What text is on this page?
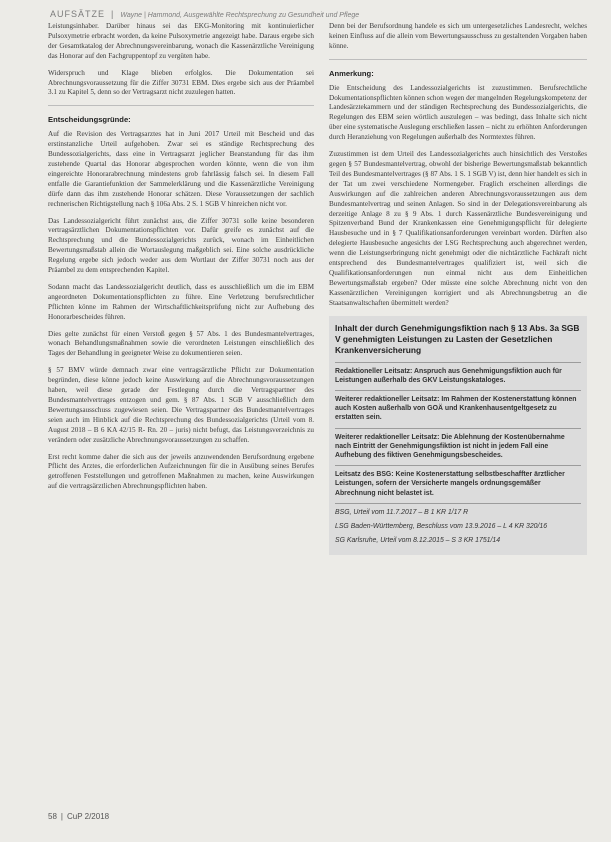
AUFSÄTZE | Wayne | Hammond, Ausgewählte Rechtsprechung zu Gesundheit und Pflege

Leistungsinhaber. Darüber hinaus sei das EKG-Monitoring mit kontinuierlicher Pulsoxymetrie erbracht worden, da keine Pulsoxymetrie angezeigt habe. Daraus ergebe sich der Gesamtkatalog der Abrechnungsvereinbarung, wonach die Kassenärztliche Vereinigung das Honorar auf den Fachgruppentopf zu vergüten habe.

Widerspruch und Klage blieben erfolglos. Die Dokumentation sei Abrechnungsvoraussetzung für die Ziffer 30731 EBM. Dies ergebe sich aus der Präambel 3.1 zu Kapitel 5, denn so der Vertragsarzt nicht zuzulegen hatten.

Entscheidungsgründe:

Auf die Revision des Vertragsarztes hat in Juni 2017 Urteil mit Bescheid und das erstinstanzliche Urteil aufgehoben. Zwar sei es ständige Rechtsprechung des Bundessozialgerichts, dass eine in Vertragsarzt jeglicher Beanstandung für das ihm zustehende Quartal das Honorar abgesprochen worden könnte, wenn die von ihm eingereichte Honorarabrechnung mindestens grob fahrlässig falsch sei. In diesem Fall entfalle die Garantiefunktion der Sammelerklärung und die Kassenärztliche Vereinigung dürfe dann das ihm zustehende Honorar schätzen. Diese Voraussetzungen der sachlich rechnerischen Richtigstellung nach § 106a Abs. 2 S. 1 SGB V hinreichen nicht vor.

Das Landessozialgericht führt zunächst aus, die Ziffer 30731 solle keine besonderen vertragsärztlichen Dokumentationspflichten vor. Dafür greife es zunächst auf die Rechtsprechung und die Bundessozialgerichts zurück, wonach im Einheitlichen Bewertungsmaßstab allein die Wortauslegung maßgeblich sei. Eine solche ausdrückliche Regelung ergebe sich jedoch weder aus dem Wortlaut der Ziffer 30731 noch aus der Präambel zu dem entsprechenden Kapitel.

Sodann macht das Landessozialgericht deutlich, dass es ausschließlich um die im EBM angeordneten Dokumentationspflichten zu führe. Eine Verletzung berufsrechtlicher Pflichten könne im Rahmen der Wirtschaftlichkeitsprüfung nicht zur Aufhebung des Honorarbescheides führen.

Dies gelte zunächst für einen Verstoß gegen § 57 Abs. 1 des Bundesmantelvertrages, wonach Behandlungsmaßnahmen sowie die verordneten Leistungen einschließlich des Tages der Behandlung in geeigneter Weise zu dokumentieren seien.

§ 57 BMV würde demnach zwar eine vertragsärztliche Pflicht zur Dokumentation begründen, diese könne jedoch keine Auswirkung auf die Abrechnungsvoraussetzungen haben, weil diese gerade der Festlegung durch die Vertragspartner des Bundesmantelvertrages entzogen und gem. § 87 Abs. 1 SGB V ausschließlich dem Bewertungsausschuss zugewiesen seien. Die Vertragspartner des Bundesmantelvertrages seien auch im Hinblick auf die Rechtsprechung des Bundessozialgerichts (Urteil vom 8. August 2018 – B 6 KA 42/15 R- Rn. 20 – juris) nicht befugt, das Leistungsverzeichnis zu verändern oder zusätzliche Abrechnungsvoraussetzungen zu schaffen.

Erst recht komme daher die sich aus der jeweils anzuwendenden Berufsordnung ergebene Pflicht des Arztes, die erforderlichen Aufzeichnungen für die in Ausübung seines Berufes getroffenen Feststellungen und getroffenen Maßnahmen zu machen, keine Auswirkungen auf die vertragsärztlichen Abrechnungspflichten haben.

Denn bei der Berufsordnung handele es sich um untergesetzliches Landesrecht, welches keinen Einfluss auf die allein vom Bewertungsausschuss zu gestaltenden Vorgaben haben könne.

Anmerkung:

Die Entscheidung des Landessozialgerichts ist zuzustimmen. Berufsrechtliche Dokumentationspflichten können schon wegen der mangelnden Regelungskompetenz der Landesärztekammern und der ständigen Rechtsprechung des Bundessozialgerichts, die Regelungen des EBM seien wörtlich auszulegen – was bedingt, dass Inhalte sich nicht über eine systematische Auslegung erschließen lassen – nicht zu erhöhten Anforderungen durch Heranziehung von Regelungen außerhalb des Normtextes führen.

Zuzustimmen ist dem Urteil des Landessozialgerichts auch hinsichtlich des Verstoßes gegen § 57 Bundesmantelvertrag, obwohl der bisherige Bewertungsmaßstab bekanntlich Teil des Bundesmantelvertrages (§ 87 Abs. 1 S. 1 SGB V) ist, denn hier handelt es sich in der Tat um zwei verschiedene Normengeber. Fraglich erscheinen allerdings die Auswirkungen auf die zahlreichen anderen Abrechnungsvoraussetzungen aus dem Bundesmantelvertrag und seinen Anlagen. So sind in der Delegationsvereinbarung als derzeitige Anlage 8 zu § 9 Abs. 1 durch Kassenärztliche Bundesvereinigung und Spitzenverband Bund der Krankenkassen eine Genehmigungspflicht für delegierte Hausbesuche und in § 7 Qualifikationsanforderungen vereinbart worden. Dürften also delegierte Hausbesuche angesichts der LSG Rechtsprechung auch abgerechnet werden, wenn die Leistungserbringung nicht genehmigt oder die nichtärztliche Fachkraft nicht entsprechend des Bundesmantelvertrages qualifiziert ist, weil sich die Qualifikationsanforderungen nun einmal nicht aus dem Einheitlichen Bewertungsmaßstab ergeben? Oder müsste eine solche Abrechnung nicht von den Kassenärztlichen Vereinigungen korrigiert und als Abrechnungsbetrug an die Staatsanwaltschaften übermittelt werden?

Inhalt der durch Genehmigungsfiktion nach § 13 Abs. 3a SGB V genehmigten Leistungen zu Lasten der Gesetzlichen Krankenversicherung

Redaktioneller Leitsatz: Anspruch aus Genehmigungsfiktion auch für Leistungen außerhalb des GKV Leistungskataloges.

Weiterer redaktioneller Leitsatz: Im Rahmen der Kostenerstattung können auch Kosten außerhalb von GOÄ und Krankenhausentgeltgesetz zu erstatten sein.

Weiterer redaktioneller Leitsatz: Die Ablehnung der Kostenübernahme nach Eintritt der Genehmigungsfiktion ist nicht in jedem Fall eine Aufhebung des fiktiven Genehmigungsbescheides.

Leitsatz des BSG: Keine Kostenerstattung selbstbeschaffter ärztlicher Leistungen, sofern der Versicherte mangels ordnungsgemäßer Abrechnung nicht belastet ist.

BSG, Urteil vom 11.7.2017 – B 1 KR 1/17 R

LSG Baden-Württemberg, Beschluss vom 13.9.2016 – L 4 KR 320/16

SG Karlsruhe, Urteil vom 8.12.2015 – S 3 KR 1751/14

58 | CuP 2/2018
